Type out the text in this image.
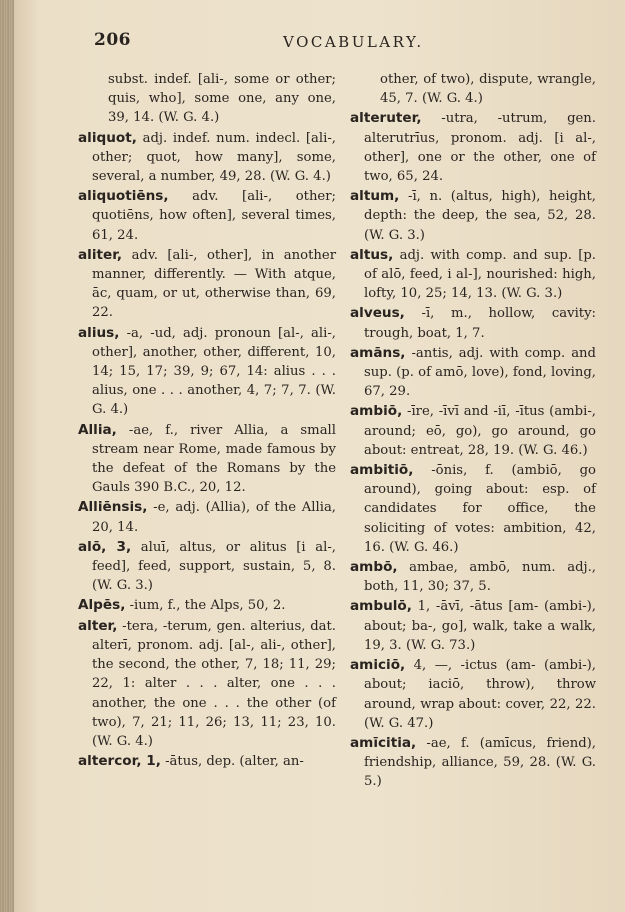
206	VOCABULARY.

subst. indef. [ali-, some or other; quis, who], some one, any one, 39, 14. (W. G. 4.)

aliquot, adj. indef. num. indecl. [ali-, other; quot, how many], some, several, a number, 49, 28. (W. G. 4.)

aliquotiēns, adv. [ali-, other; quotiēns, how often], several times, 61, 24.

aliter, adv. [ali-, other], in another manner, differently. — With atque, āc, quam, or ut, otherwise than, 69, 22.

alius, -a, -ud, adj. pronoun [al-, ali-, other], another, other, different, 10, 14; 15, 17; 39, 9; 67, 14: alius . . . alius, one . . . another, 4, 7; 7, 7. (W. G. 4.)

Allia, -ae, f., river Allia, a small stream near Rome, made famous by the defeat of the Romans by the Gauls 390 B.C., 20, 12.

Alliēnsis, -e, adj. (Allia), of the Allia, 20, 14.

alō, 3, aluī, altus, or alitus [i al-, feed], feed, support, sustain, 5, 8. (W. G. 3.)

Alpēs, -ium, f., the Alps, 50, 2.

alter, -tera, -terum, gen. alterius, dat. alterī, pronom. adj. [al-, ali-, other], the second, the other, 7, 18; 11, 29; 22, 1: alter . . . alter, one . . . another, the one . . . the other (of two), 7, 21; 11, 26; 13, 11; 23, 10. (W. G. 4.)

altercor, 1, -ātus, dep. (alter, an-

other, of two), dispute, wrangle, 45, 7. (W. G. 4.)

alteruter, -utra, -utrum, gen. alterutrīus, pronom. adj. [i al-, other], one or the other, one of two, 65, 24.

altum, -ī, n. (altus, high), height, depth: the deep, the sea, 52, 28. (W. G. 3.)

altus, adj. with comp. and sup. [p. of alō, feed, i al-], nourished: high, lofty, 10, 25; 14, 13. (W. G. 3.)

alveus, -ī, m., hollow, cavity: trough, boat, 1, 7.

amāns, -antis, adj. with comp. and sup. (p. of amō, love), fond, loving, 67, 29.

ambiō, -īre, -īvī and -iī, -ītus (ambi-, around; eō, go), go around, go about: entreat, 28, 19. (W. G. 46.)

ambitiō, -ōnis, f. (ambiō, go around), going about: esp. of candidates for office, the soliciting of votes: ambition, 42, 16. (W. G. 46.)

ambō, ambae, ambō, num. adj., both, 11, 30; 37, 5.

ambulō, 1, -āvī, -ātus [am- (ambi-), about; ba-, go], walk, take a walk, 19, 3. (W. G. 73.)

amiciō, 4, —, -ictus (am- (ambi-), about; iaciō, throw), throw around, wrap about: cover, 22, 22. (W. G. 47.)

amīcitia, -ae, f. (amīcus, friend), friendship, alliance, 59, 28. (W. G. 5.)
